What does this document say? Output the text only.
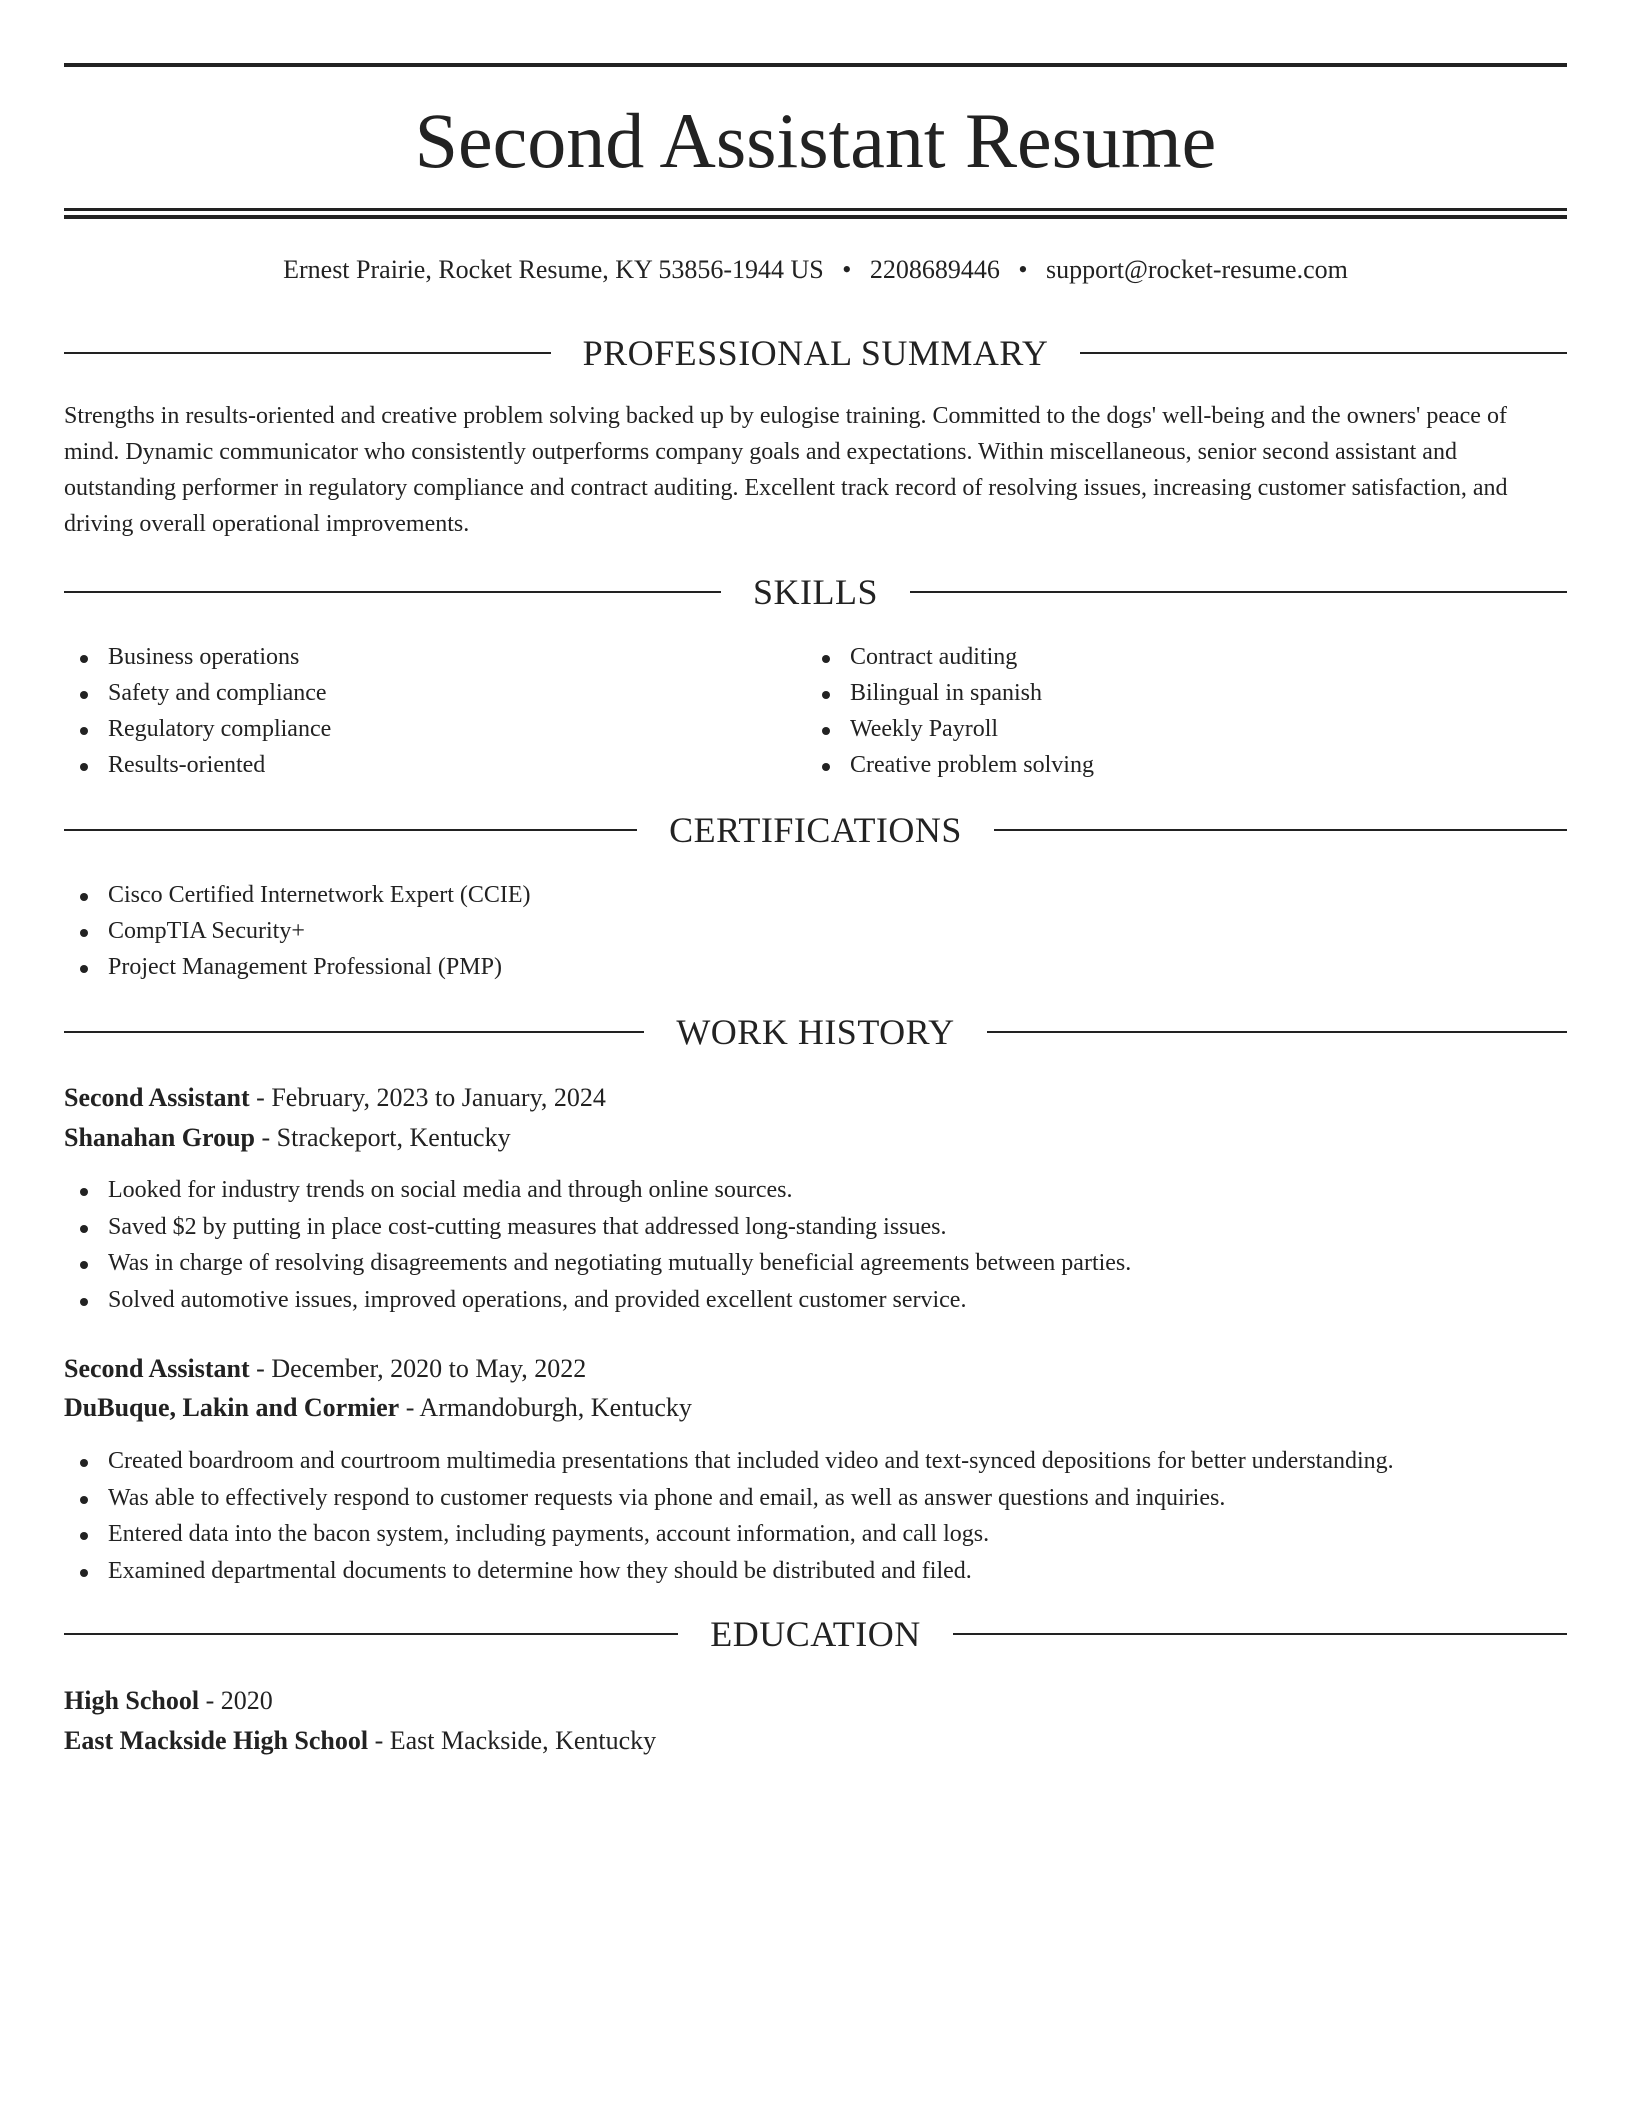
Second Assistant Resume
Ernest Prairie, Rocket Resume, KY 53856-1944 US • 2208689446 • support@rocket-resume.com
PROFESSIONAL SUMMARY

Strengths in results-oriented and creative problem solving backed up by eulogise training. Committed to the dogs' well-being and the owners' peace of mind. Dynamic communicator who consistently outperforms company goals and expectations. Within miscellaneous, senior second assistant and outstanding performer in regulatory compliance and contract auditing. Excellent track record of resolving issues, increasing customer satisfaction, and driving overall operational improvements.

SKILLS
Business operations
Safety and compliance
Regulatory compliance
Results-oriented
Contract auditing
Bilingual in spanish
Weekly Payroll
Creative problem solving
CERTIFICATIONS
Cisco Certified Internetwork Expert (CCIE)
CompTIA Security+
Project Management Professional (PMP)
WORK HISTORY
Second Assistant - February, 2023 to January, 2024
Shanahan Group - Strackeport, Kentucky
Looked for industry trends on social media and through online sources.
Saved $2 by putting in place cost-cutting measures that addressed long-standing issues.
Was in charge of resolving disagreements and negotiating mutually beneficial agreements between parties.
Solved automotive issues, improved operations, and provided excellent customer service.
Second Assistant - December, 2020 to May, 2022
DuBuque, Lakin and Cormier - Armandoburgh, Kentucky
Created boardroom and courtroom multimedia presentations that included video and text-synced depositions for better understanding.
Was able to effectively respond to customer requests via phone and email, as well as answer questions and inquiries.
Entered data into the bacon system, including payments, account information, and call logs.
Examined departmental documents to determine how they should be distributed and filed.
EDUCATION
High School - 2020
East Mackside High School - East Mackside, Kentucky
